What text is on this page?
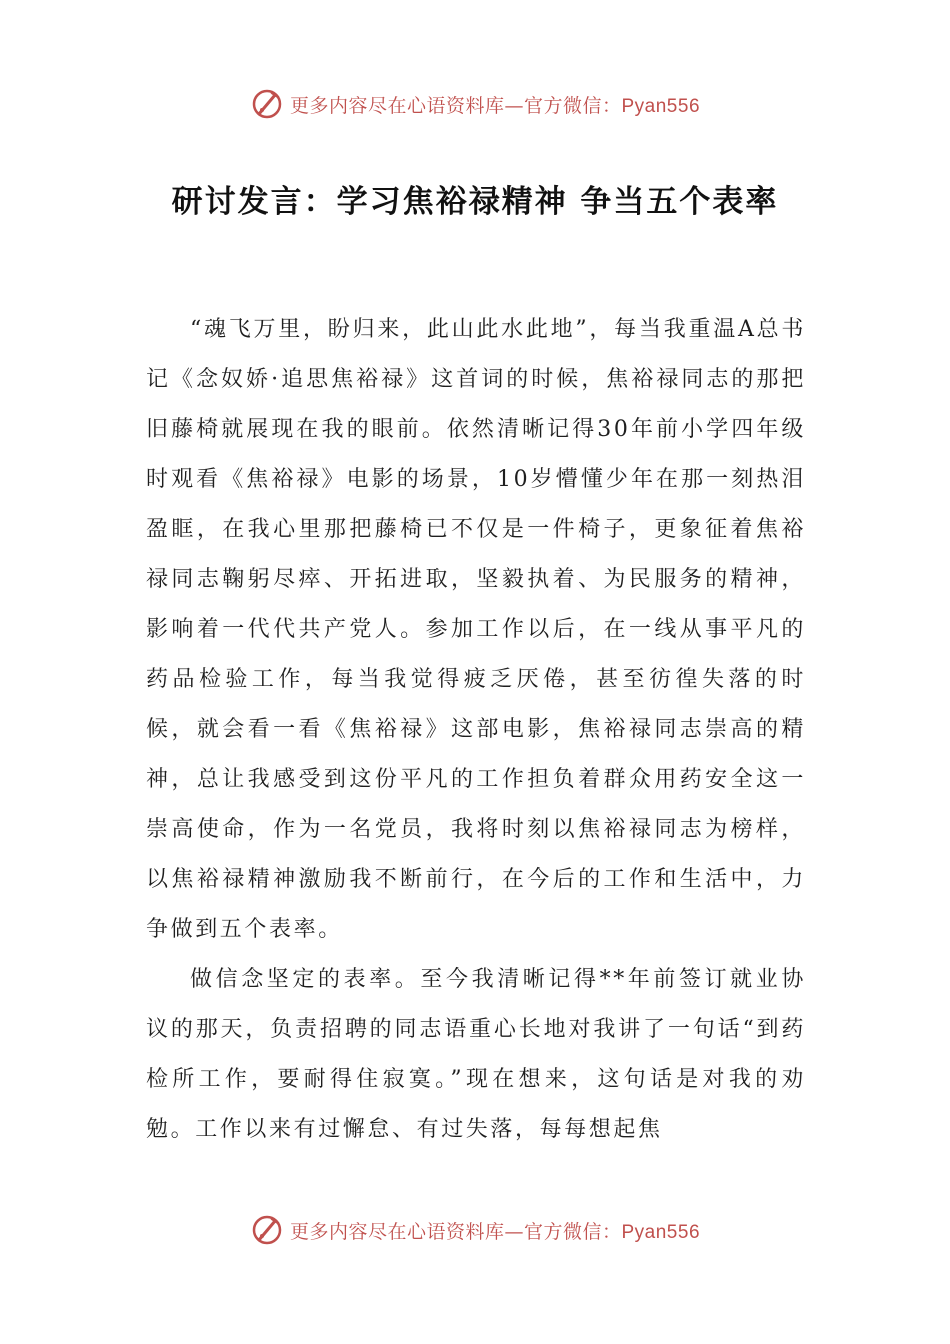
更多内容尽在心语资料库—官方微信：Pyan556
研讨发言：学习焦裕禄精神 争当五个表率

“魂飞万里，盼归来，此山此水此地”，每当我重温A总书记《念奴娇·追思焦裕禄》这首词的时候，焦裕禄同志的那把旧藤椅就展现在我的眼前。依然清晰记得30年前小学四年级时观看《焦裕禄》电影的场景，10岁懵懂少年在那一刻热泪盈眶，在我心里那把藤椅已不仅是一件椅子，更象征着焦裕禄同志鞠躬尽瘁、开拓进取，坚毅执着、为民服务的精神，影响着一代代共产党人。参加工作以后，在一线从事平凡的药品检验工作，每当我觉得疲乏厌倦，甚至彷徨失落的时候，就会看一看《焦裕禄》这部电影，焦裕禄同志崇高的精神，总让我感受到这份平凡的工作担负着群众用药安全这一崇高使命，作为一名党员，我将时刻以焦裕禄同志为榜样，以焦裕禄精神激励我不断前行，在今后的工作和生活中，力争做到五个表率。

做信念坚定的表率。至今我清晰记得**年前签订就业协议的那天，负责招聘的同志语重心长地对我讲了一句话“到药检所工作，要耐得住寂寞。”现在想来，这句话是对我的劝勉。工作以来有过懈怠、有过失落，每每想起焦

更多内容尽在心语资料库—官方微信：Pyan556
